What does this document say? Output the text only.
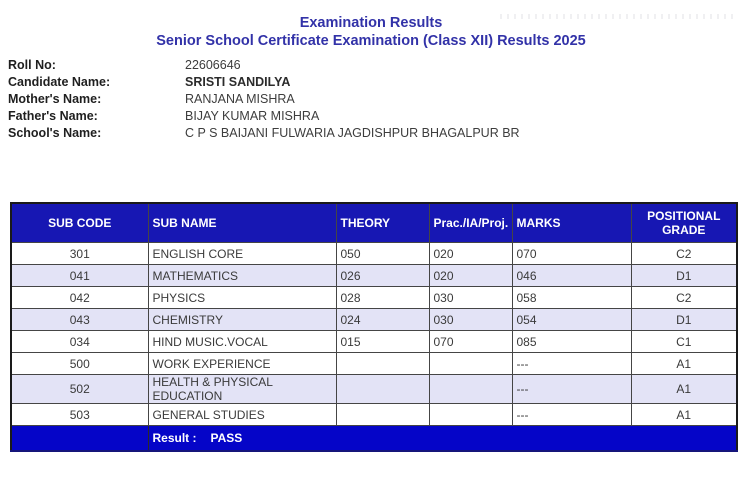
Examination Results
Senior School Certificate Examination (Class XII) Results 2025
Roll No:	22606646
Candidate Name:	SRISTI SANDILYA
Mother's Name:	RANJANA MISHRA
Father's Name:	BIJAY KUMAR MISHRA
School's Name:	C P S BAIJANI FULWARIA JAGDISHPUR BHAGALPUR BR
SUB CODE	SUB NAME	THEORY	Prac./IA/Proj.	MARKS	POSITIONAL GRADE
301	ENGLISH CORE	050	020	070	C2
041	MATHEMATICS	026	020	046	D1
042	PHYSICS	028	030	058	C2
043	CHEMISTRY	024	030	054	D1
034	HIND MUSIC.VOCAL	015	070	085	C1
500	WORK EXPERIENCE			---	A1
502	HEALTH & PHYSICAL EDUCATION			---	A1
503	GENERAL STUDIES			---	A1
	Result : PASS				
